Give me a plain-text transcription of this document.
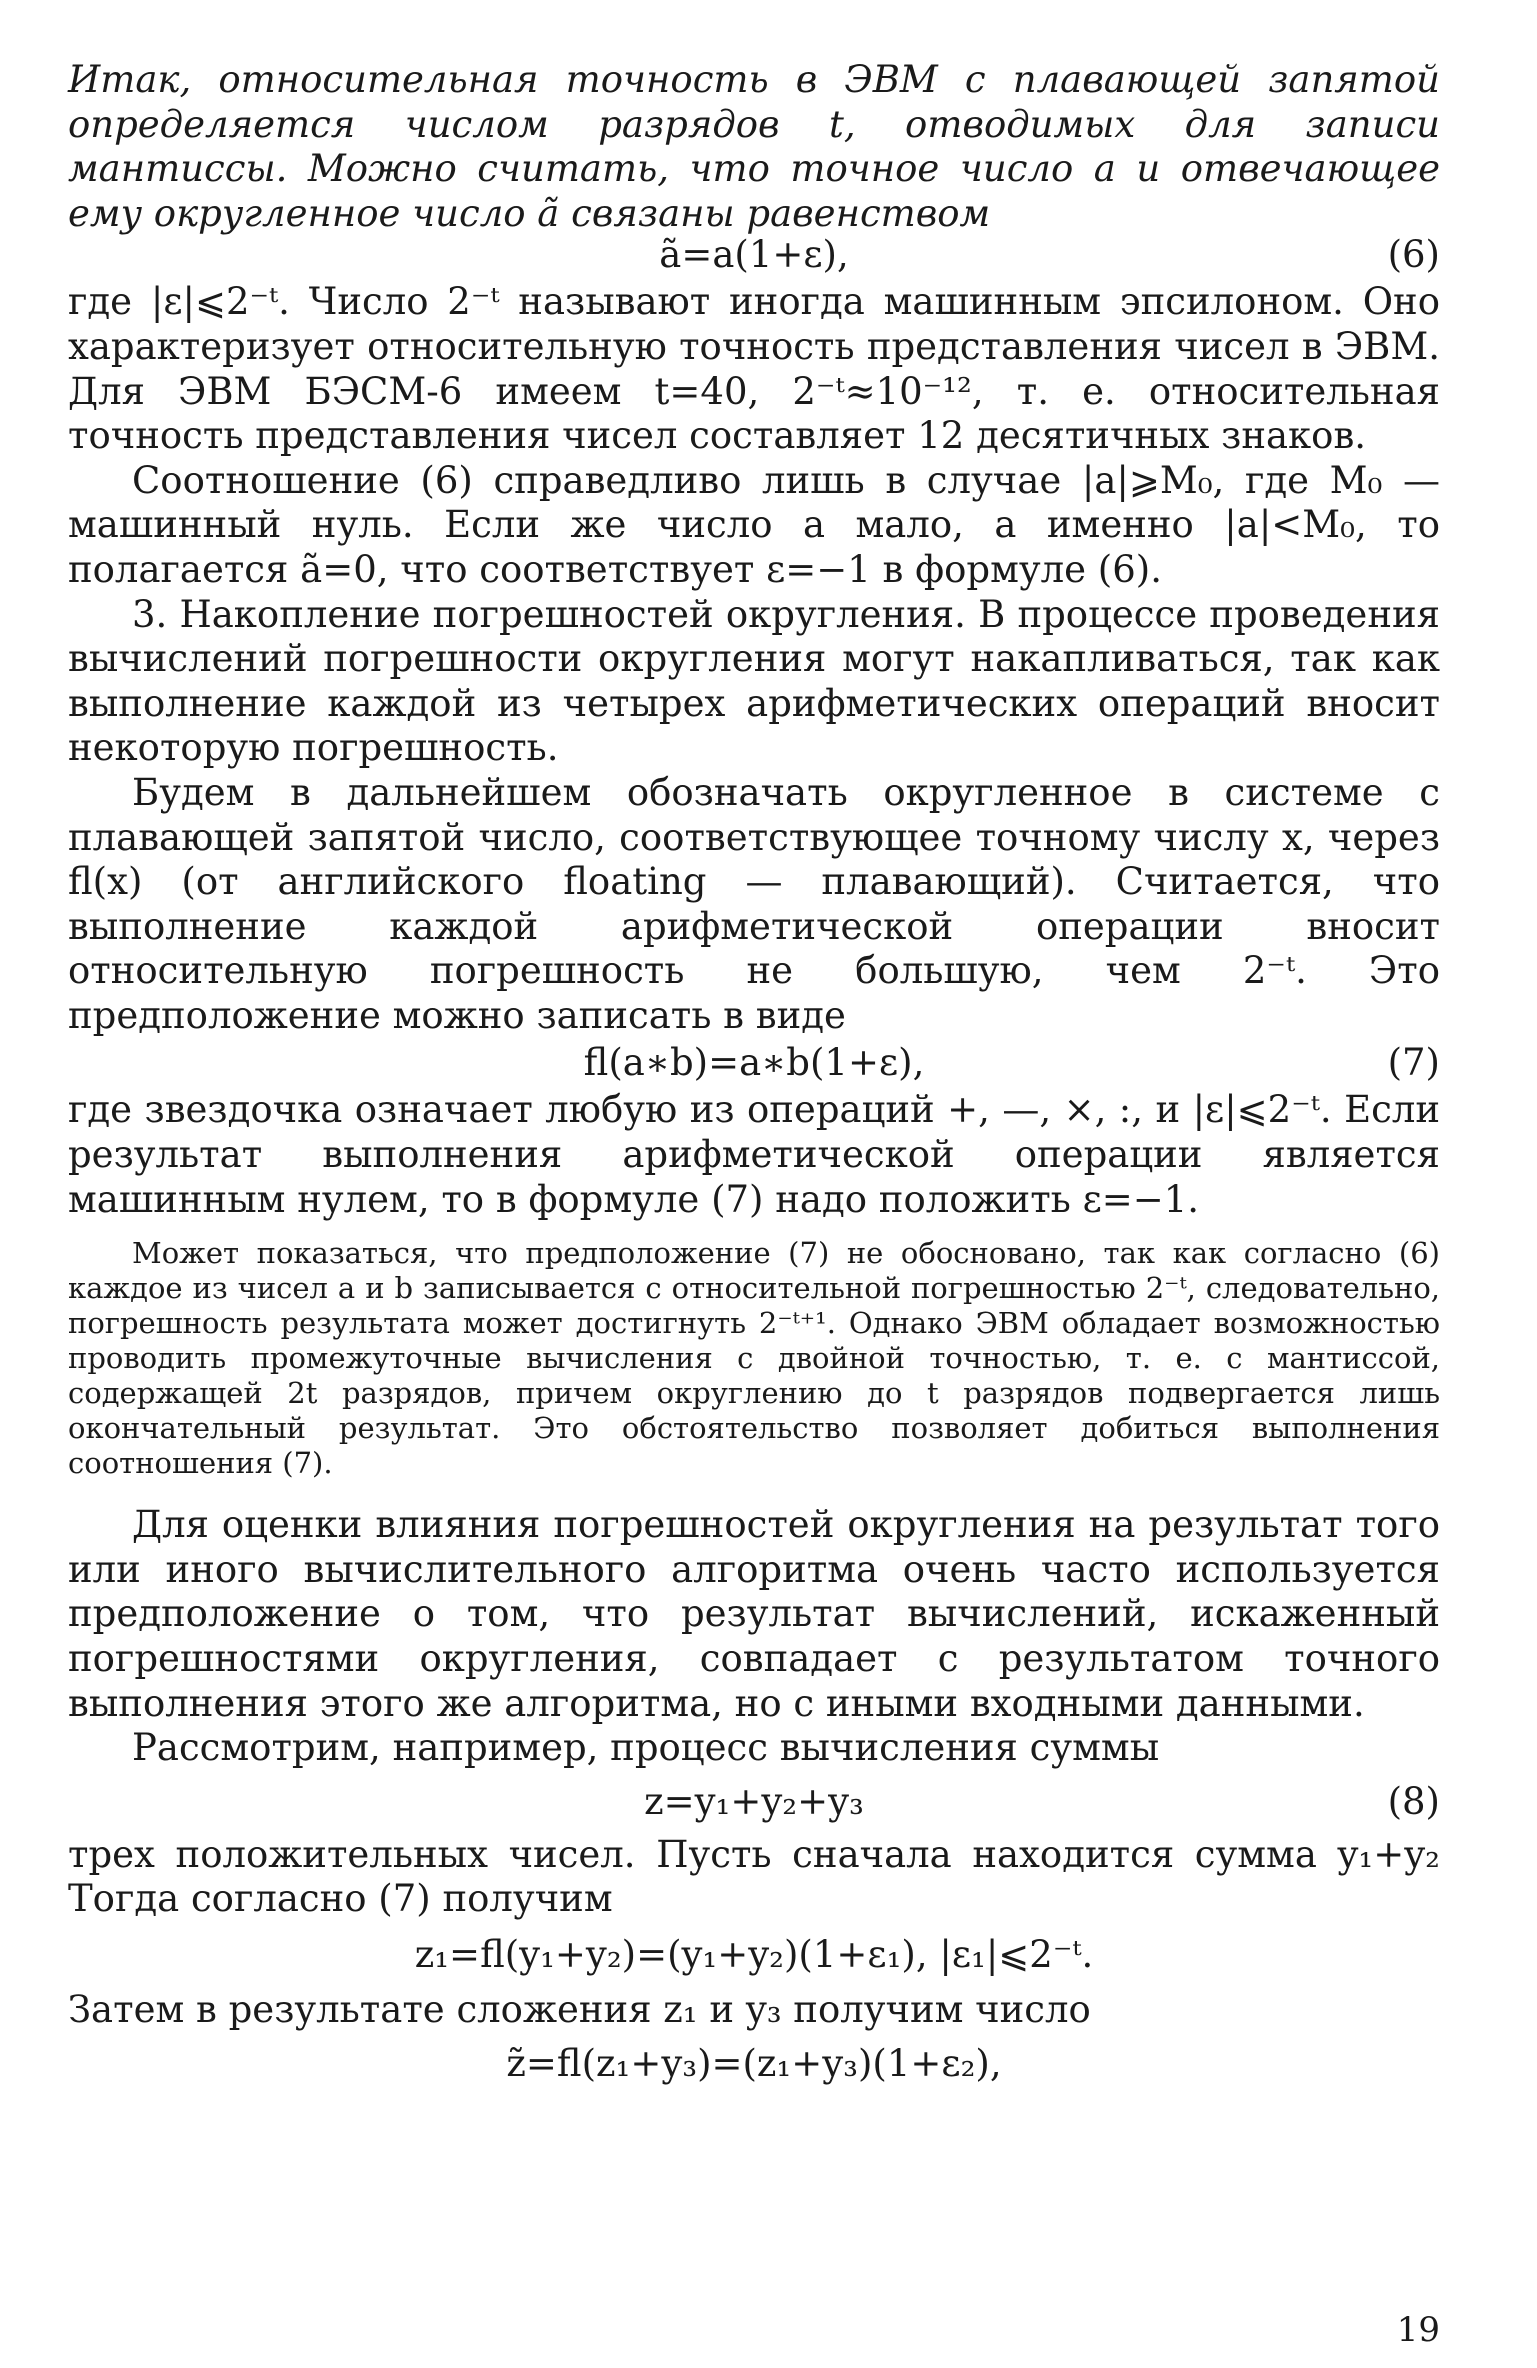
Итак, относительная точность в ЭВМ с плавающей запятой определяется числом разрядов t, отводимых для записи мантиссы. Можно считать, что точное число a и отвечающее ему округленное число ã связаны равенством

ã=a(1+ε),	(6)

где |ε|⩽2⁻ᵗ. Число 2⁻ᵗ называют иногда машинным эпсилоном. Оно характеризует относительную точность представления чисел в ЭВМ. Для ЭВМ БЭСМ-6 имеем t=40, 2⁻ᵗ≈10⁻¹², т. е. относительная точность представления чисел составляет 12 десятичных знаков.

Соотношение (6) справедливо лишь в случае |a|⩾M₀, где M₀ — машинный нуль. Если же число a мало, а именно |a|<M₀, то полагается ã=0, что соответствует ε=−1 в формуле (6).

3. Накопление погрешностей округления. В процессе проведения вычислений погрешности округления могут накапливаться, так как выполнение каждой из четырех арифметических операций вносит некоторую погрешность.

Будем в дальнейшем обозначать округленное в системе с плавающей запятой число, соответствующее точному числу x, через fl(x) (от английского floating — плавающий). Считается, что выполнение каждой арифметической операции вносит относительную погрешность не большую, чем 2⁻ᵗ. Это предположение можно записать в виде

fl(a∗b)=a∗b(1+ε),	(7)

где звездочка означает любую из операций +, —, ×, :, и |ε|⩽2⁻ᵗ. Если результат выполнения арифметической операции является машинным нулем, то в формуле (7) надо положить ε=−1.

Может показаться, что предположение (7) не обосновано, так как согласно (6) каждое из чисел a и b записывается с относительной погрешностью 2⁻ᵗ, следовательно, погрешность результата может достигнуть 2⁻ᵗ⁺¹. Однако ЭВМ обладает возможностью проводить промежуточные вычисления с двойной точностью, т. е. с мантиссой, содержащей 2t разрядов, причем округлению до t разрядов подвергается лишь окончательный результат. Это обстоятельство позволяет добиться выполнения соотношения (7).

Для оценки влияния погрешностей округления на результат того или иного вычислительного алгоритма очень часто используется предположение о том, что результат вычислений, искаженный погрешностями округления, совпадает с результатом точного выполнения этого же алгоритма, но с иными входными данными.

Рассмотрим, например, процесс вычисления суммы

z=y₁+y₂+y₃	(8)

трех положительных чисел. Пусть сначала находится сумма y₁+y₂ Тогда согласно (7) получим

z₁=fl(y₁+y₂)=(y₁+y₂)(1+ε₁), |ε₁|⩽2⁻ᵗ.

Затем в результате сложения z₁ и y₃ получим число

z̃=fl(z₁+y₃)=(z₁+y₃)(1+ε₂),
19
